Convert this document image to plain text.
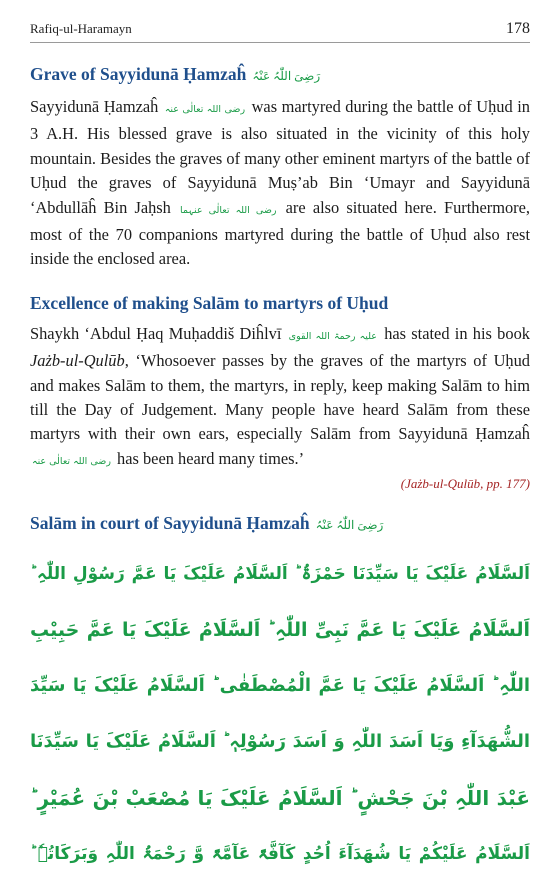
Rafiq-ul-Haramayn	178
Grave of Sayyidunā Ḥamzaĥ رَضِیَ اللّٰہُ عَنْہُ

Sayyidunā Ḥamzaĥ رضی اللہ تعالٰی عنہ was martyred during the battle of Uḥud in 3 A.H. His blessed grave is also situated in the vicinity of this holy mountain. Besides the graves of many other eminent martyrs of the battle of Uḥud the graves of Sayyidunā Muṣ’ab Bin ‘Umayr and Sayyidunā ‘Abdullāĥ Bin Jaḥsh رضی اللہ تعالٰی عنہما are also situated here. Furthermore, most of the 70 companions martyred during the battle of Uḥud also rest inside the enclosed area.

Excellence of making Salām to martyrs of Uḥud

Shaykh ‘Abdul Ḥaq Muḥaddiš Diĥlvī علیہ رحمۃ اللہ القوی has stated in his book Jażb-ul-Qulūb, ‘Whosoever passes by the graves of the martyrs of Uḥud and makes Salām to them, the martyrs, in reply, keep making Salām to him till the Day of Judgement. Many people have heard Salām from these martyrs with their own ears, especially Salām from Sayyidunā Ḥamzaĥ رضی اللہ تعالٰی عنہ has been heard many times.’

(Jażb-ul-Qulūb, pp. 177)
Salām in court of Sayyidunā Ḥamzaĥ رَضِیَ اللّٰہُ عَنْہُ
اَلسَّلَامُ عَلَیْکَ یَا سَیِّدَنَا حَمْزَۃُ ؕ اَلسَّلَامُ عَلَیْکَ یَا عَمَّ رَسُوْلِ اللّٰہِ ؕ
اَلسَّلَامُ عَلَیْکَ یَا عَمَّ نَبِیِّ اللّٰہِ ؕ اَلسَّلَامُ عَلَیْکَ یَا عَمَّ حَبِیْبِ
اللّٰہِ ؕ اَلسَّلَامُ عَلَیْکَ یَا عَمَّ الْمُصْطَفٰی ؕ اَلسَّلَامُ عَلَیْکَ یَا سَیِّدَ
الشُّھَدَآءِ وَیَا اَسَدَ اللّٰہِ وَ اَسَدَ رَسُوْلِہٖ ؕ اَلسَّلَامُ عَلَیْکَ یَا سَیِّدَنَا
عَبْدَ اللّٰہِ بْنَ جَحْشٍ ؕ اَلسَّلَامُ عَلَیْکَ یَا مُصْعَبْ بْنَ عُمَیْرٍ ؕ
اَلسَّلَامُ عَلَیْکُمْ یَا شُھَدَآءَ اُحُدٍ کَآفَّۃً عَآمَّۃً وَّ رَحْمَۃُ اللّٰہِ وَبَرَکَاتُہٗ ؕ
